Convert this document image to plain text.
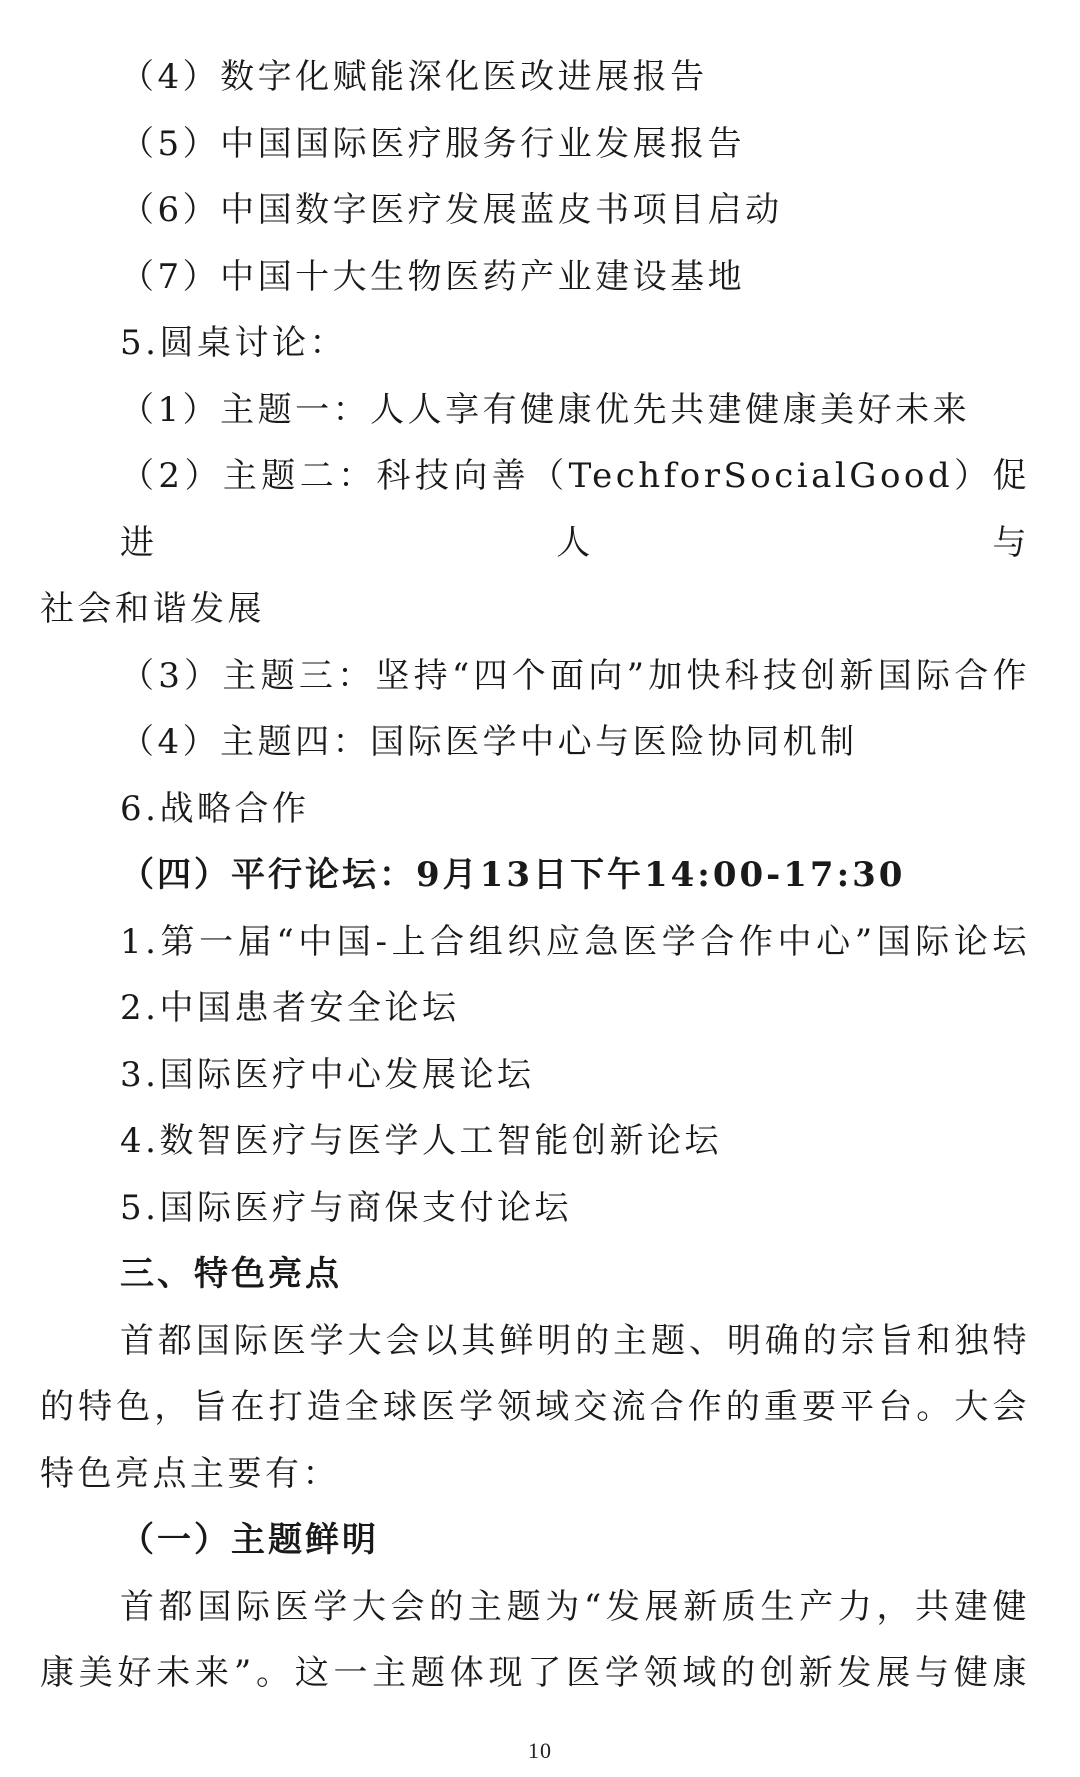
（4）数字化赋能深化医改进展报告
（5）中国国际医疗服务行业发展报告
（6）中国数字医疗发展蓝皮书项目启动
（7）中国十大生物医药产业建设基地
5.圆桌讨论：
（1）主题一：人人享有健康优先共建健康美好未来
（2）主题二：科技向善（TechforSocialGood）促进人与
社会和谐发展
（3）主题三：坚持“四个面向”加快科技创新国际合作
（4）主题四：国际医学中心与医险协同机制
6.战略合作
（四）平行论坛：9月13日下午14:00-17:30
1.第一届“中国-上合组织应急医学合作中心”国际论坛
2.中国患者安全论坛
3.国际医疗中心发展论坛
4.数智医疗与医学人工智能创新论坛
5.国际医疗与商保支付论坛
三、特色亮点
首都国际医学大会以其鲜明的主题、明确的宗旨和独特
的特色，旨在打造全球医学领域交流合作的重要平台。大会
特色亮点主要有：
（一）主题鲜明
首都国际医学大会的主题为“发展新质生产力，共建健
康美好未来”。这一主题体现了医学领域的创新发展与健康
10
